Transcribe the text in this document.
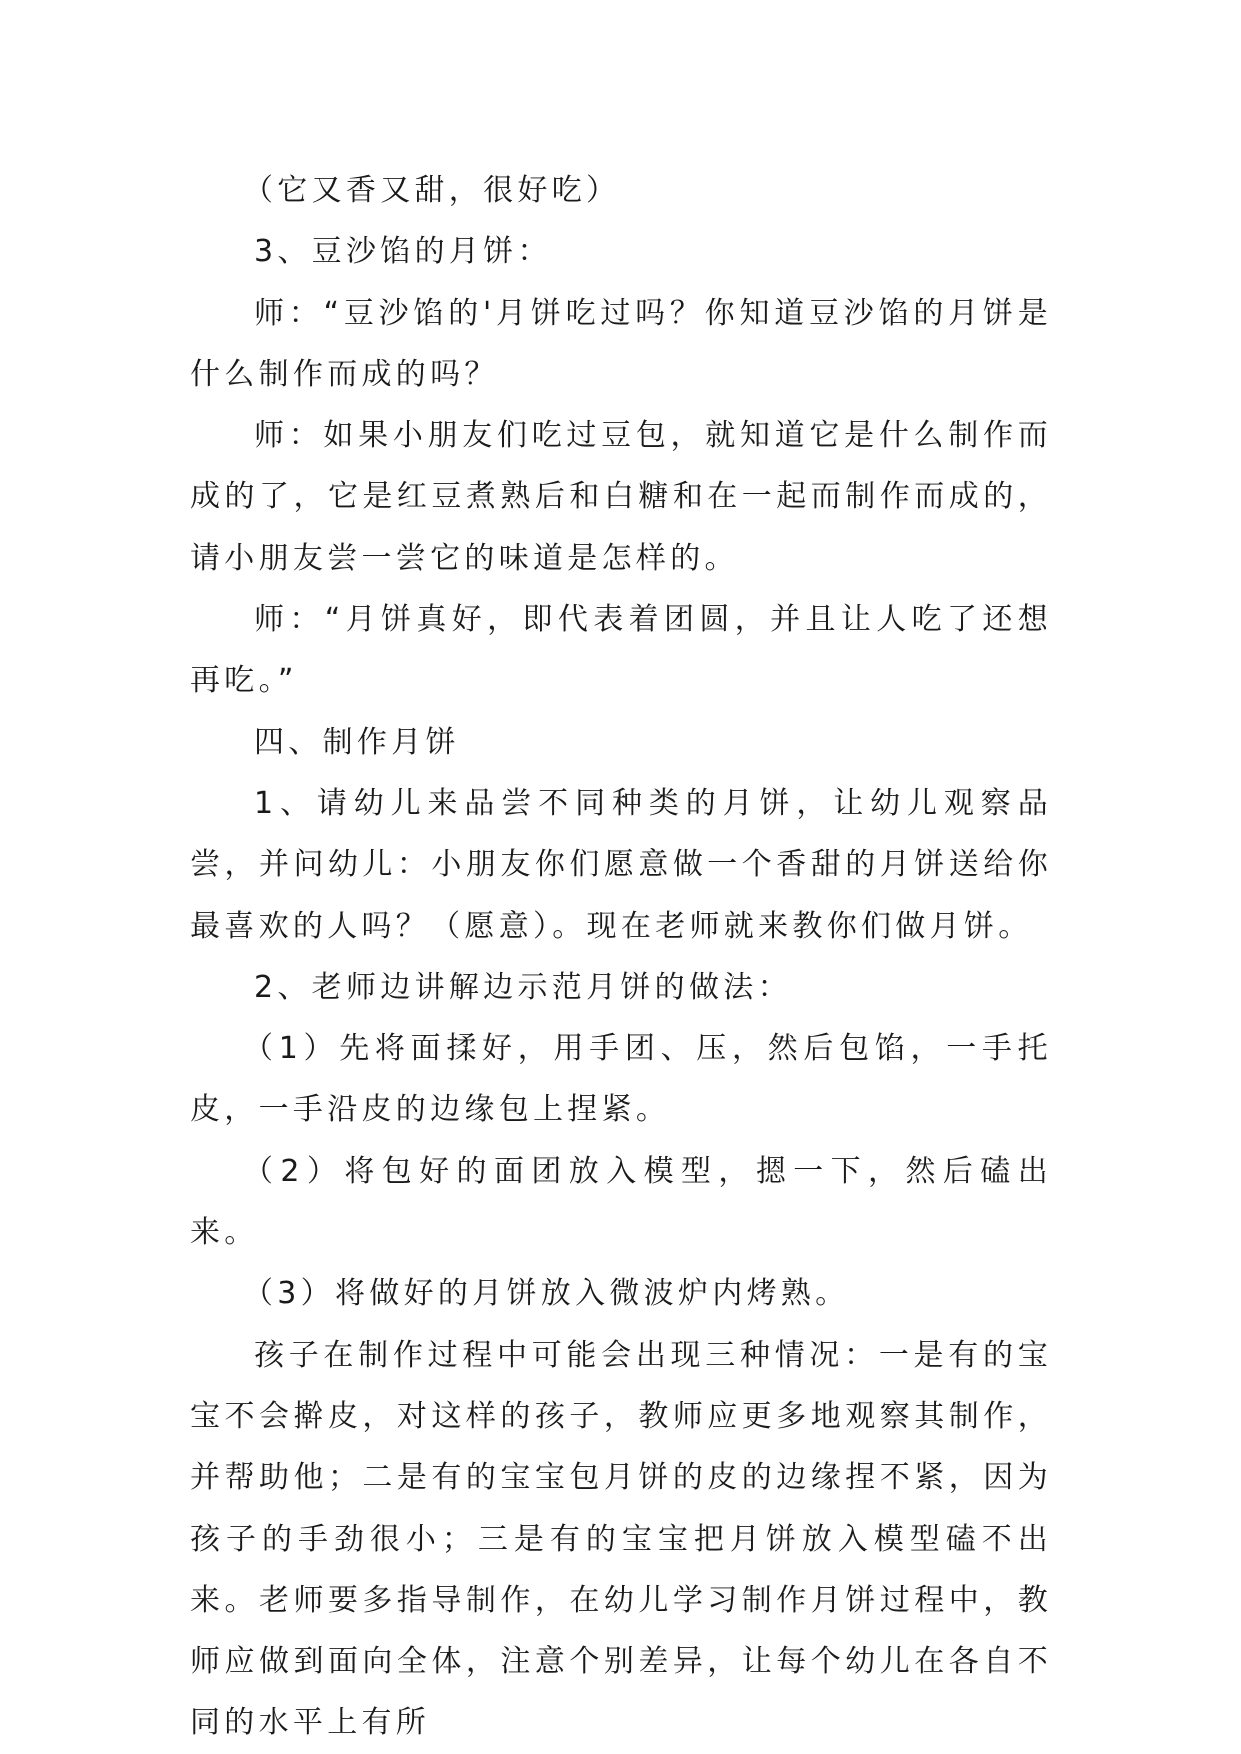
（它又香又甜，很好吃）

3、豆沙馅的月饼：

师：“豆沙馅的'月饼吃过吗？你知道豆沙馅的月饼是什么制作而成的吗？

师：如果小朋友们吃过豆包，就知道它是什么制作而成的了，它是红豆煮熟后和白糖和在一起而制作而成的，请小朋友尝一尝它的味道是怎样的。

师：“月饼真好，即代表着团圆，并且让人吃了还想再吃。”

四、制作月饼

1、请幼儿来品尝不同种类的月饼，让幼儿观察品尝，并问幼儿：小朋友你们愿意做一个香甜的月饼送给你最喜欢的人吗？（愿意）。现在老师就来教你们做月饼。

2、老师边讲解边示范月饼的做法：

（1）先将面揉好，用手团、压，然后包馅，一手托皮，一手沿皮的边缘包上捏紧。

（2）将包好的面团放入模型，摁一下，然后磕出来。

（3）将做好的月饼放入微波炉内烤熟。

孩子在制作过程中可能会出现三种情况：一是有的宝宝不会擀皮，对这样的孩子，教师应更多地观察其制作，并帮助他；二是有的宝宝包月饼的皮的边缘捏不紧，因为孩子的手劲很小；三是有的宝宝把月饼放入模型磕不出来。老师要多指导制作，在幼儿学习制作月饼过程中，教师应做到面向全体，注意个别差异，让每个幼儿在各自不同的水平上有所
